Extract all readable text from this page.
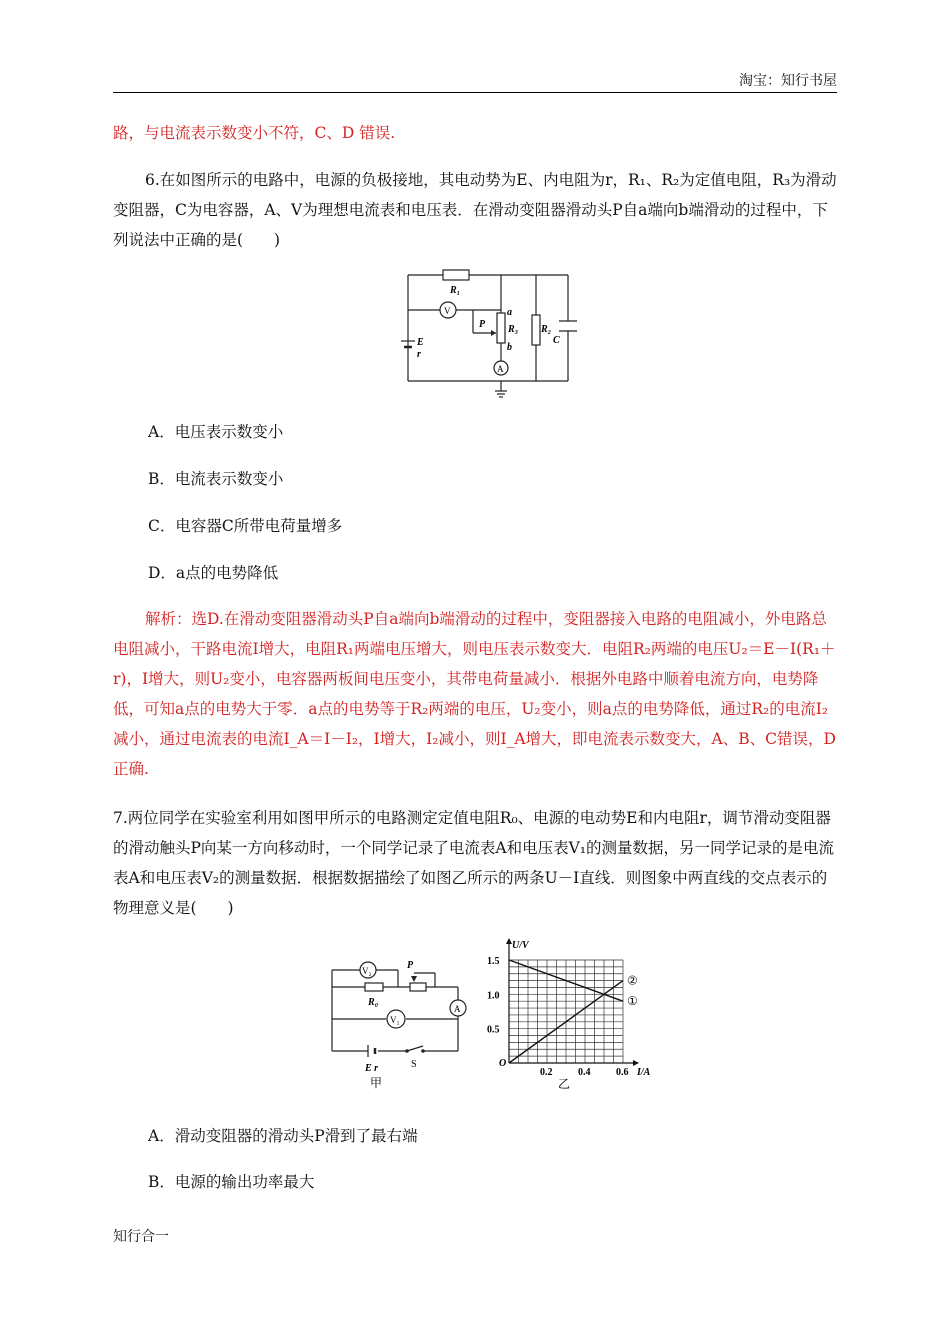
淘宝：知行书屋
路，与电流表示数变小不符，C、D 错误.
6.在如图所示的电路中，电源的负极接地，其电动势为E、内电阻为r，R₁、R₂为定值电阻，R₃为滑动变阻器，C为电容器，A、V为理想电流表和电压表．在滑动变阻器滑动头P自a端向b端滑动的过程中，下列说法中正确的是(　　)
R₁
V
A
P
a
R₃
b
R₂
C
E
r
A．电压表示数变小
B．电流表示数变小
C．电容器C所带电荷量增多
D．a点的电势降低
解析：选D.在滑动变阻器滑动头P自a端向b端滑动的过程中，变阻器接入电路的电阻减小，外电路总电阻减小，干路电流I增大，电阻R₁两端电压增大，则电压表示数变大．电阻R₂两端的电压U₂＝E－I(R₁＋r)，I增大，则U₂变小，电容器两板间电压变小，其带电荷量减小．根据外电路中顺着电流方向，电势降低，可知a点的电势大于零．a点的电势等于R₂两端的电压，U₂变小，则a点的电势降低，通过R₂的电流I₂减小，通过电流表的电流I_A＝I－I₂，I增大，I₂减小，则I_A增大，即电流表示数变大，A、B、C错误，D正确.
7.两位同学在实验室利用如图甲所示的电路测定定值电阻R₀、电源的电动势E和内电阻r，调节滑动变阻器的滑动触头P向某一方向移动时，一个同学记录了电流表A和电压表V₁的测量数据，另一同学记录的是电流表A和电压表V₂的测量数据．根据数据描绘了如图乙所示的两条U－I直线．则图象中两直线的交点表示的物理意义是(　　)
V₂
V₁
A
R₀
P
E r	S
甲
①
②
0.2	0.4	0.6
1.5
1.0
0.5
O
I/A
U/V
乙
A．滑动变阻器的滑动头P滑到了最右端
B．电源的输出功率最大
知行合一
